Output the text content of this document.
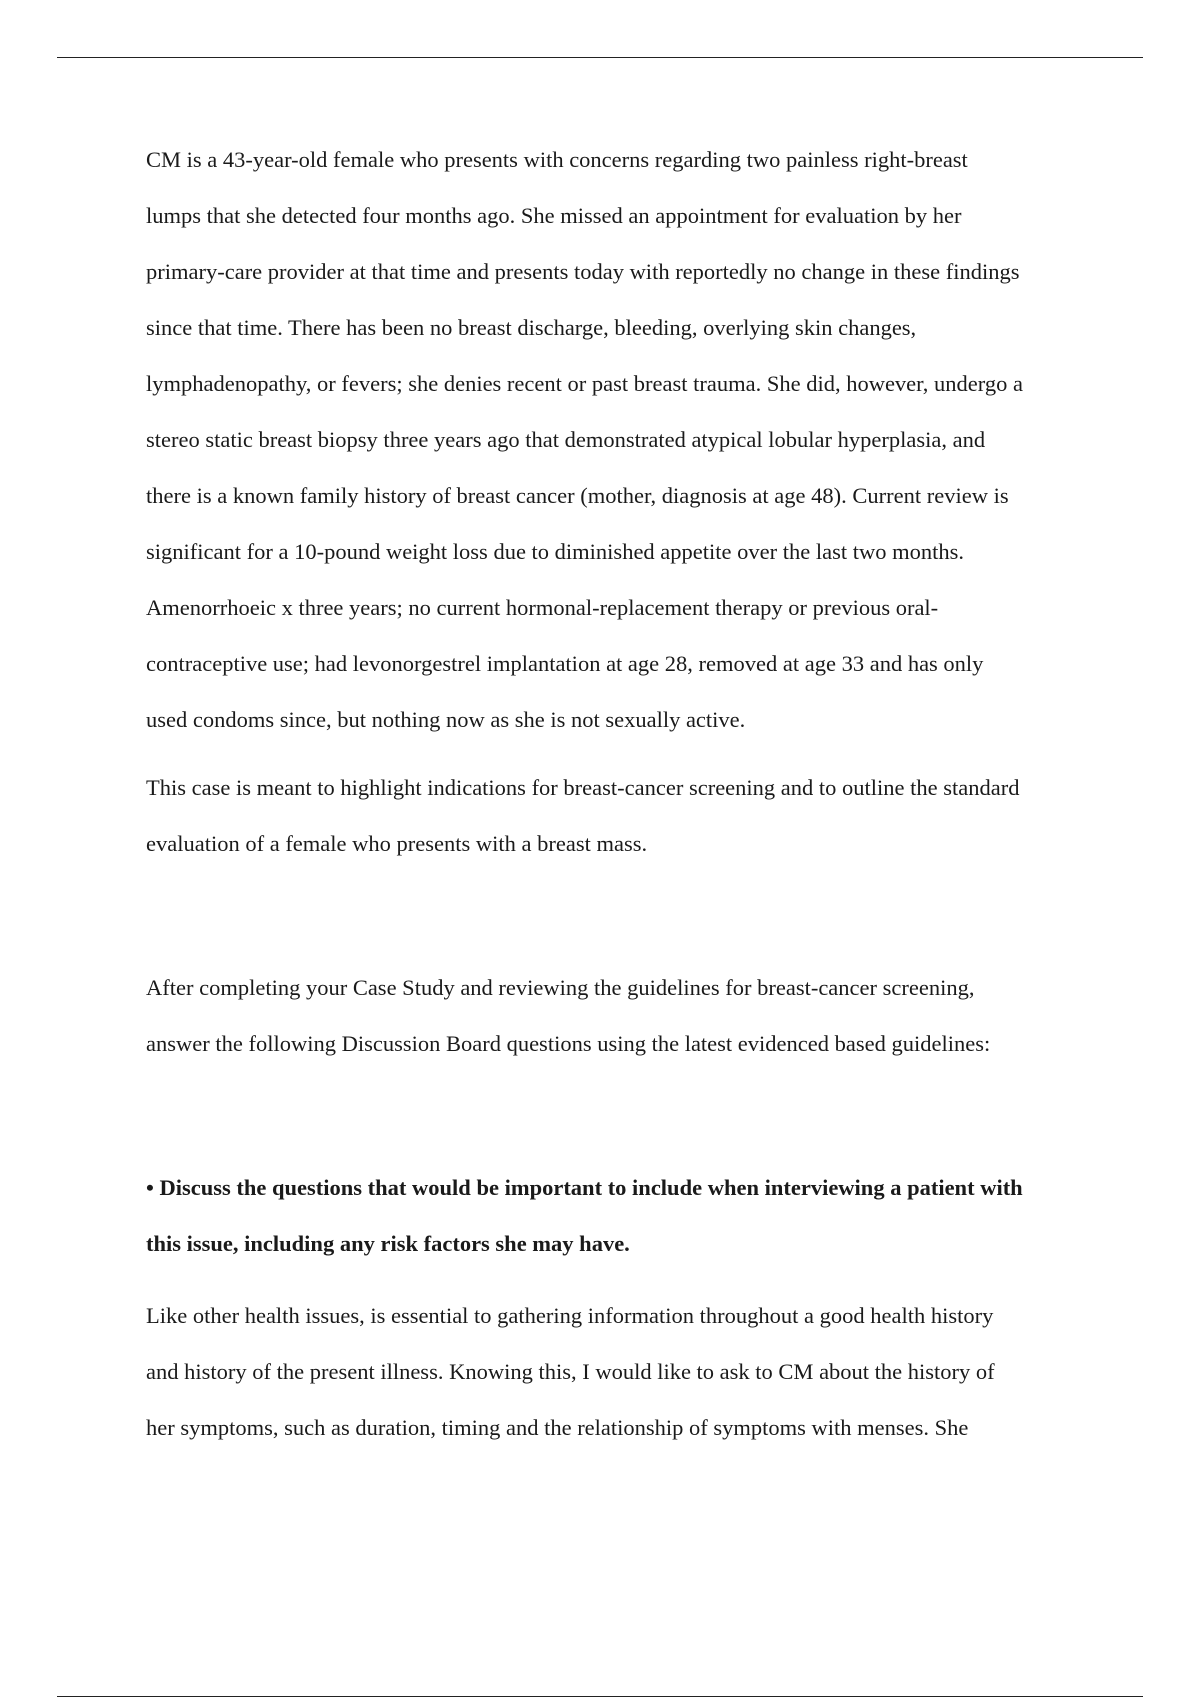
CM is a 43-year-old female who presents with concerns regarding two painless right-breast
lumps that she detected four months ago. She missed an appointment for evaluation by her
primary-care provider at that time and presents today with reportedly no change in these findings
since that time. There has been no breast discharge, bleeding, overlying skin changes,
lymphadenopathy, or fevers; she denies recent or past breast trauma. She did, however, undergo a
stereo static breast biopsy three years ago that demonstrated atypical lobular hyperplasia, and
there is a known family history of breast cancer (mother, diagnosis at age 48). Current review is
significant for a 10-pound weight loss due to diminished appetite over the last two months.
Amenorrhoeic x three years; no current hormonal-replacement therapy or previous oral-
contraceptive use; had levonorgestrel implantation at age 28, removed at age 33 and has only
used condoms since, but nothing now as she is not sexually active.

This case is meant to highlight indications for breast-cancer screening and to outline the standard
evaluation of a female who presents with a breast mass.

After completing your Case Study and reviewing the guidelines for breast-cancer screening,
answer the following Discussion Board questions using the latest evidenced based guidelines:

• Discuss the questions that would be important to include when interviewing a patient with
this issue, including any risk factors she may have.

Like other health issues, is essential to gathering information throughout a good health history
and history of the present illness. Knowing this, I would like to ask to CM about the history of
her symptoms, such as duration, timing and the relationship of symptoms with menses. She
